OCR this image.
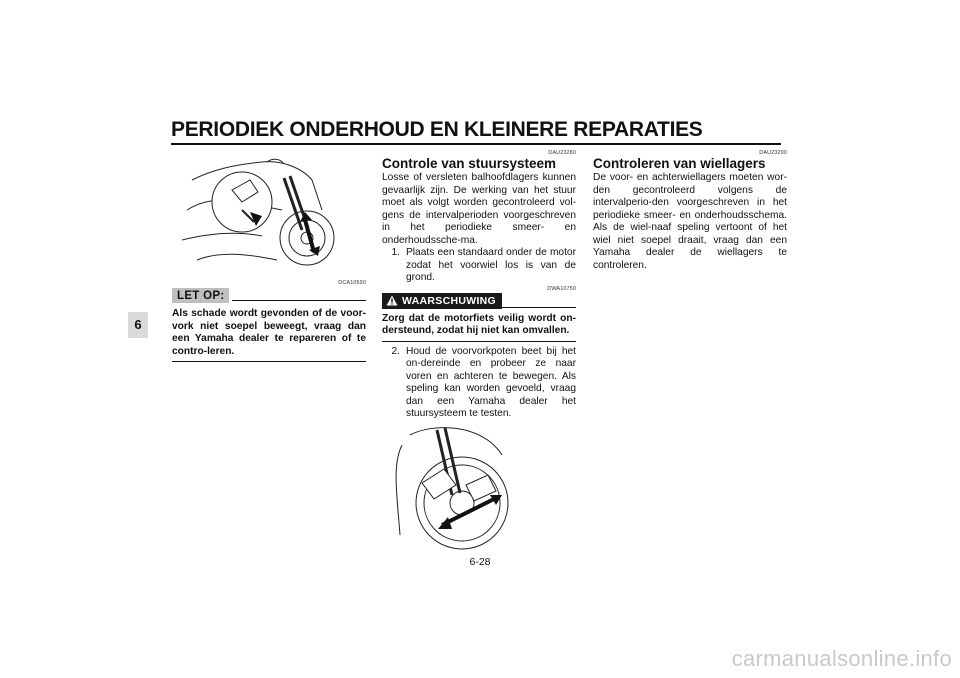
PERIODIEK ONDERHOUD EN KLEINERE REPARATIES
6
DCA10590
LET OP:
Als schade wordt gevonden of de voor-vork niet soepel beweegt, vraag dan een Yamaha dealer te repareren of te contro-leren.
DAU23280
Controle van stuursysteem

Losse of versleten balhoofdlagers kunnen gevaarlijk zijn. De werking van het stuur moet als volgt worden gecontroleerd vol-gens de intervalperioden voorgeschreven in het periodieke smeer- en onderhoudssche-ma.

1. Plaats een standaard onder de motor zodat het voorwiel los is van de grond.
DWA10750
WAARSCHUWING
Zorg dat de motorfiets veilig wordt on-dersteund, zodat hij niet kan omvallen.
2. Houd de voorvorkpoten beet bij het on-dereinde en probeer ze naar voren en achteren te bewegen. Als speling kan worden gevoeld, vraag dan een Yamaha dealer het stuursysteem te testen.
DAU23290
Controleren van wiellagers

De voor- en achterwiellagers moeten wor-den gecontroleerd volgens de intervalperio-den voorgeschreven in het periodieke smeer- en onderhoudsschema. Als de wiel-naaf speling vertoont of het wiel niet soepel draait, vraag dan een Yamaha dealer de wiellagers te controleren.

6-28
carmanualsonline.info
